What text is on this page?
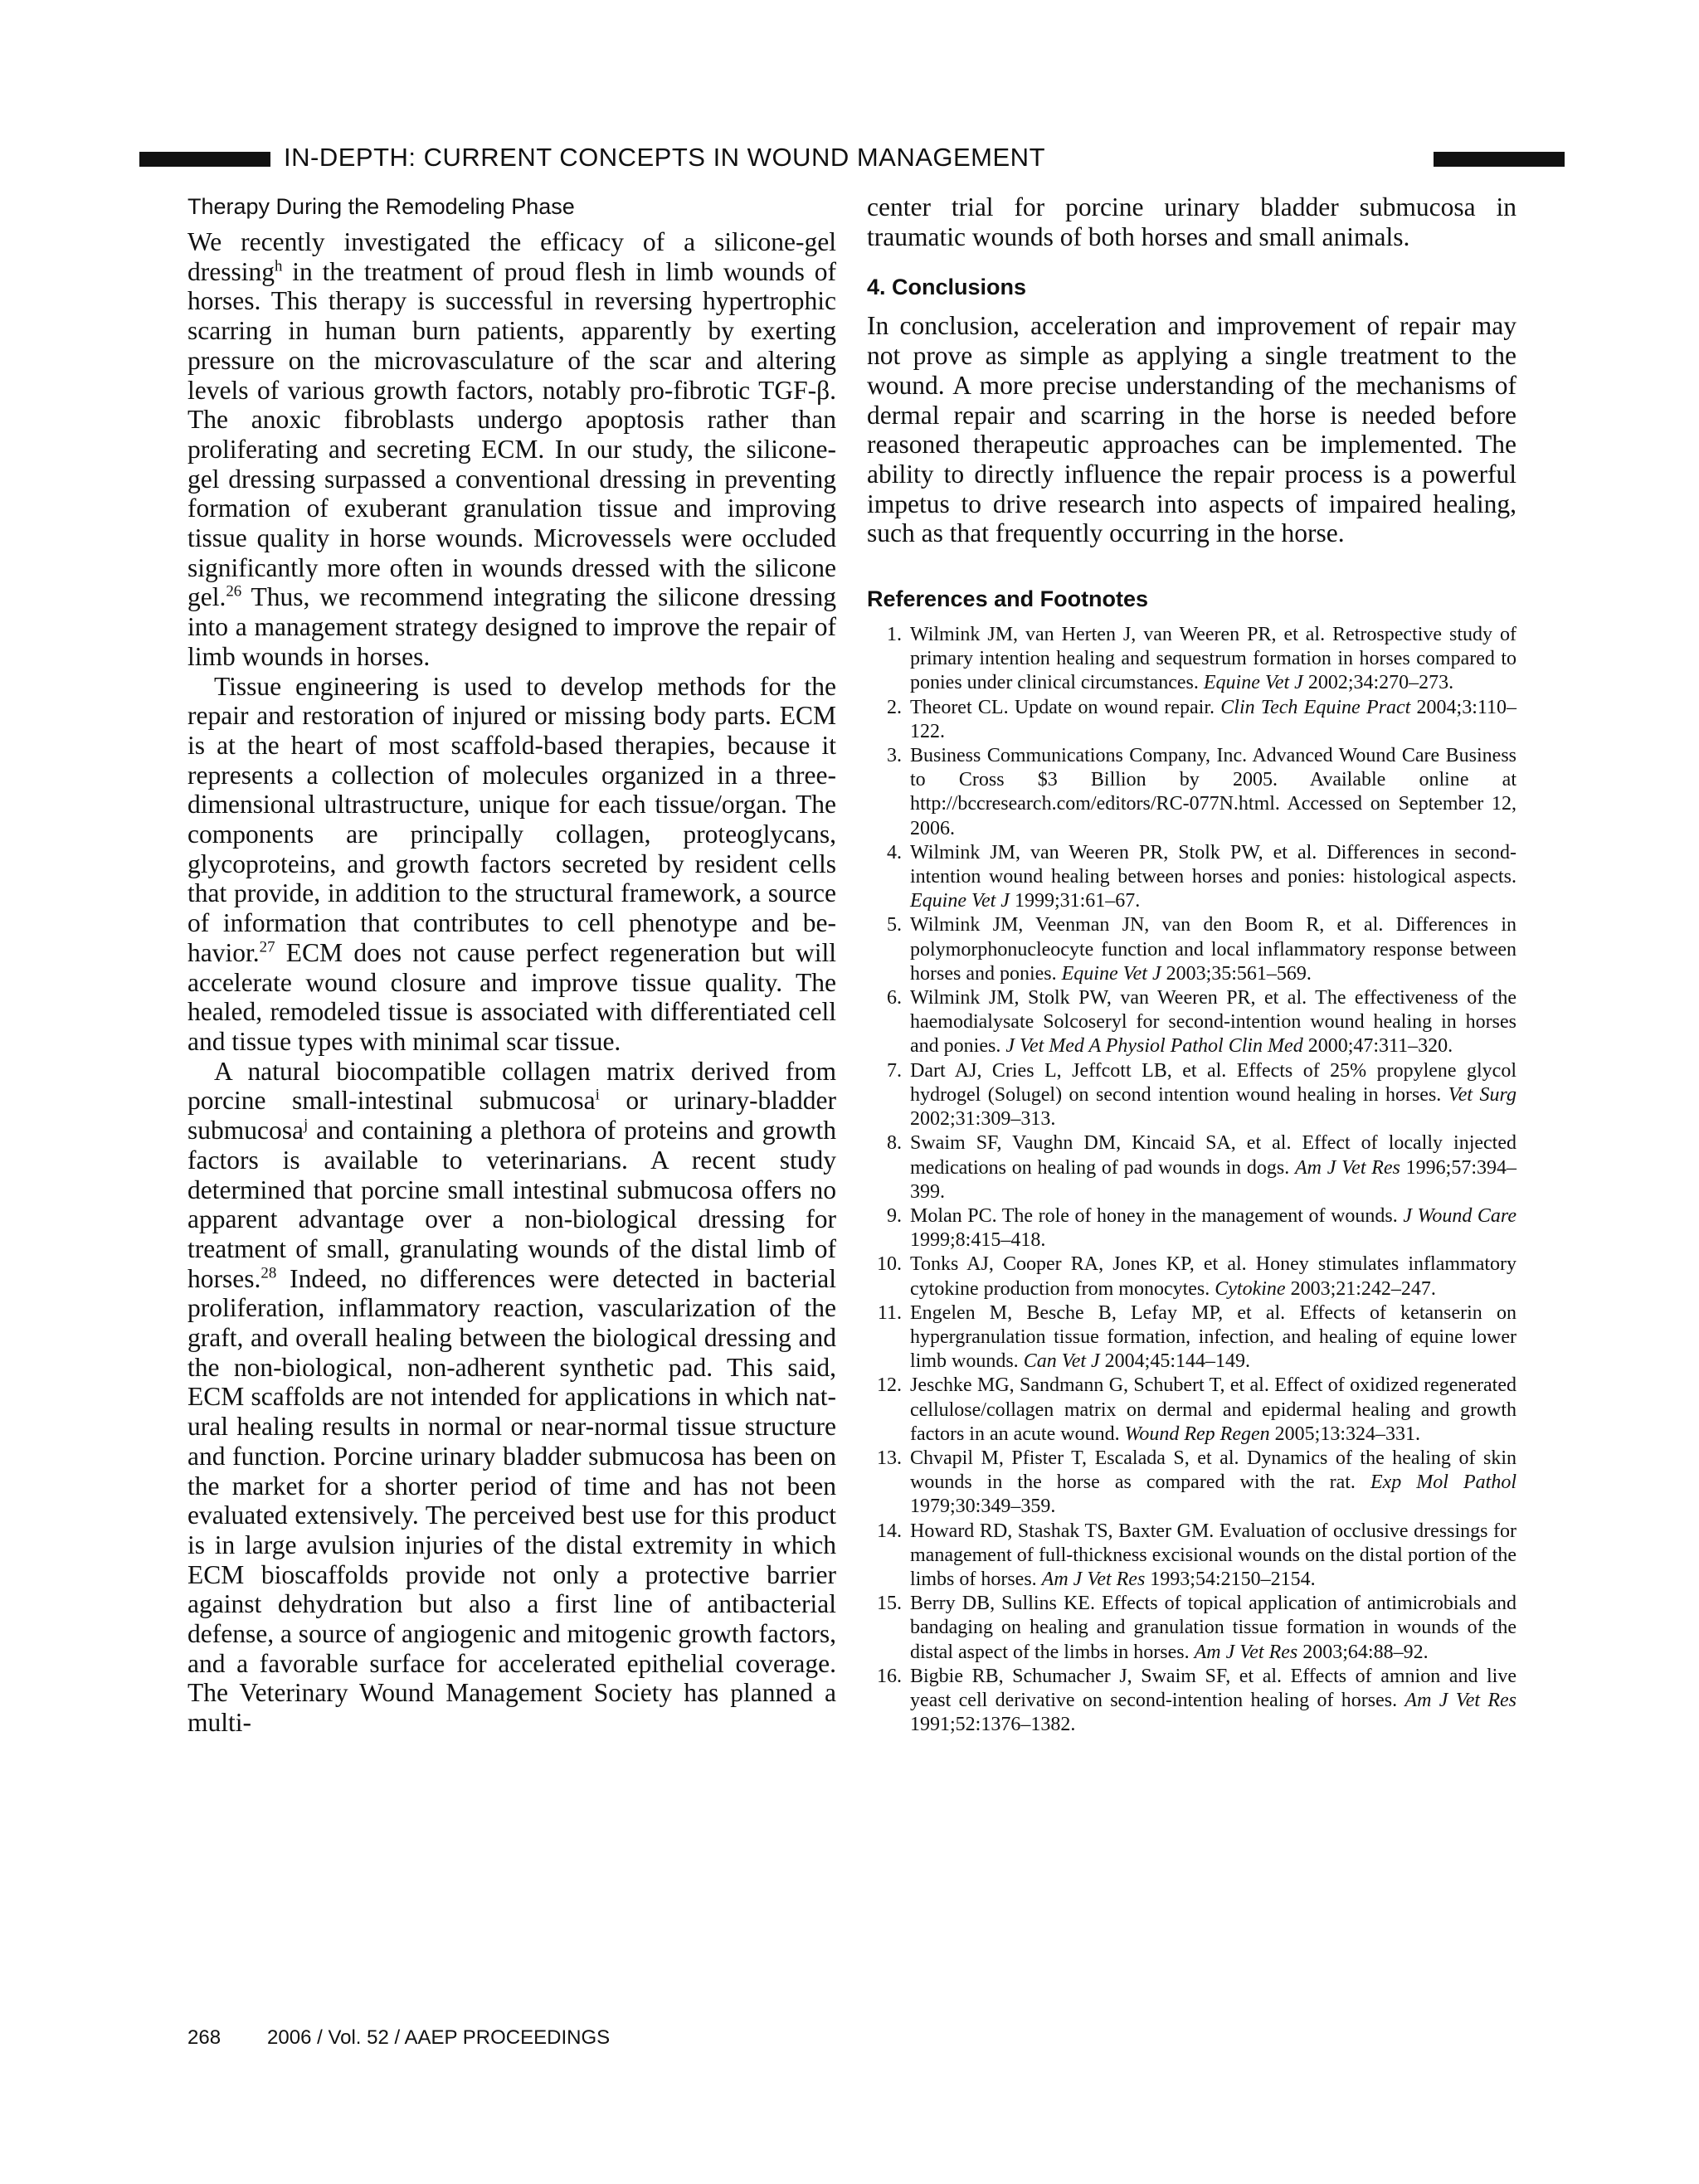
IN-DEPTH: CURRENT CONCEPTS IN WOUND MANAGEMENT
Therapy During the Remodeling Phase

We recently investigated the efficacy of a silicone-gel dressing$^h$ in the treatment of proud flesh in limb wounds of horses. This therapy is successful in reversing hypertrophic scarring in human burn patients, apparently by exerting pressure on the microvasculature of the scar and altering levels of various growth factors, notably pro-fibrotic TGF-β. The anoxic fibroblasts undergo apoptosis rather than proliferating and secreting ECM. In our study, the silicone-gel dressing surpassed a conventional dressing in preventing formation of exuberant granulation tissue and improving tissue quality in horse wounds. Microvessels were occluded significantly more often in wounds dressed with the silicone gel.$^{26}$ Thus, we recommend integrating the silicone dressing into a management strategy designed to improve the repair of limb wounds in horses.

Tissue engineering is used to develop methods for the repair and restoration of injured or missing body parts. ECM is at the heart of most scaffold-based therapies, because it represents a collection of molecules organized in a three-dimensional ultrastructure, unique for each tissue/organ. The components are principally collagen, proteoglycans, glycoproteins, and growth factors secreted by resident cells that provide, in addition to the structural framework, a source of information that contributes to cell phenotype and behavior.$^{27}$ ECM does not cause perfect regeneration but will accelerate wound closure and improve tissue quality. The healed, remodeled tissue is associated with differentiated cell and tissue types with minimal scar tissue.

A natural biocompatible collagen matrix derived from porcine small-intestinal submucosa$^i$ or urinary-bladder submucosa$^j$ and containing a plethora of proteins and growth factors is available to veterinarians. A recent study determined that porcine small intestinal submucosa offers no apparent advantage over a non-biological dressing for treatment of small, granulating wounds of the distal limb of horses.$^{28}$ Indeed, no differences were detected in bacterial proliferation, inflammatory reaction, vascularization of the graft, and overall healing between the biological dressing and the non-biological, non-adherent synthetic pad. This said, ECM scaffolds are not intended for applications in which natural healing results in normal or near-normal tissue structure and function. Porcine urinary bladder submucosa has been on the market for a shorter period of time and has not been evaluated extensively. The perceived best use for this product is in large avulsion injuries of the distal extremity in which ECM bioscaffolds provide not only a protective barrier against dehydration but also a first line of antibacterial defense, a source of angiogenic and mitogenic growth factors, and a favorable surface for accelerated epithelial coverage. The Veterinary Wound Management Society has planned a multi-

center trial for porcine urinary bladder submucosa in traumatic wounds of both horses and small animals.

4. Conclusions

In conclusion, acceleration and improvement of repair may not prove as simple as applying a single treatment to the wound. A more precise understanding of the mechanisms of dermal repair and scarring in the horse is needed before reasoned therapeutic approaches can be implemented. The ability to directly influence the repair process is a powerful impetus to drive research into aspects of impaired healing, such as that frequently occurring in the horse.

References and Footnotes
1. Wilmink JM, van Herten J, van Weeren PR, et al. Retrospective study of primary intention healing and sequestrum formation in horses compared to ponies under clinical circumstances. Equine Vet J 2002;34:270–273.
2. Theoret CL. Update on wound repair. Clin Tech Equine Pract 2004;3:110–122.
3. Business Communications Company, Inc. Advanced Wound Care Business to Cross $3 Billion by 2005. Available online at http://bccresearch.com/editors/RC-077N.html. Accessed on September 12, 2006.
4. Wilmink JM, van Weeren PR, Stolk PW, et al. Differences in second-intention wound healing between horses and ponies: histological aspects. Equine Vet J 1999;31:61–67.
5. Wilmink JM, Veenman JN, van den Boom R, et al. Differences in polymorphonucleocyte function and local inflammatory response between horses and ponies. Equine Vet J 2003;35:561–569.
6. Wilmink JM, Stolk PW, van Weeren PR, et al. The effectiveness of the haemodialysate Solcoseryl for second-intention wound healing in horses and ponies. J Vet Med A Physiol Pathol Clin Med 2000;47:311–320.
7. Dart AJ, Cries L, Jeffcott LB, et al. Effects of 25% propylene glycol hydrogel (Solugel) on second intention wound healing in horses. Vet Surg 2002;31:309–313.
8. Swaim SF, Vaughn DM, Kincaid SA, et al. Effect of locally injected medications on healing of pad wounds in dogs. Am J Vet Res 1996;57:394–399.
9. Molan PC. The role of honey in the management of wounds. J Wound Care 1999;8:415–418.
10. Tonks AJ, Cooper RA, Jones KP, et al. Honey stimulates inflammatory cytokine production from monocytes. Cytokine 2003;21:242–247.
11. Engelen M, Besche B, Lefay MP, et al. Effects of ketanserin on hypergranulation tissue formation, infection, and healing of equine lower limb wounds. Can Vet J 2004;45:144–149.
12. Jeschke MG, Sandmann G, Schubert T, et al. Effect of oxidized regenerated cellulose/collagen matrix on dermal and epidermal healing and growth factors in an acute wound. Wound Rep Regen 2005;13:324–331.
13. Chvapil M, Pfister T, Escalada S, et al. Dynamics of the healing of skin wounds in the horse as compared with the rat. Exp Mol Pathol 1979;30:349–359.
14. Howard RD, Stashak TS, Baxter GM. Evaluation of occlusive dressings for management of full-thickness excisional wounds on the distal portion of the limbs of horses. Am J Vet Res 1993;54:2150–2154.
15. Berry DB, Sullins KE. Effects of topical application of antimicrobials and bandaging on healing and granulation tissue formation in wounds of the distal aspect of the limbs in horses. Am J Vet Res 2003;64:88–92.
16. Bigbie RB, Schumacher J, Swaim SF, et al. Effects of amnion and live yeast cell derivative on second-intention healing of horses. Am J Vet Res 1991;52:1376–1382.
268 2006 / Vol. 52 / AAEP PROCEEDINGS
